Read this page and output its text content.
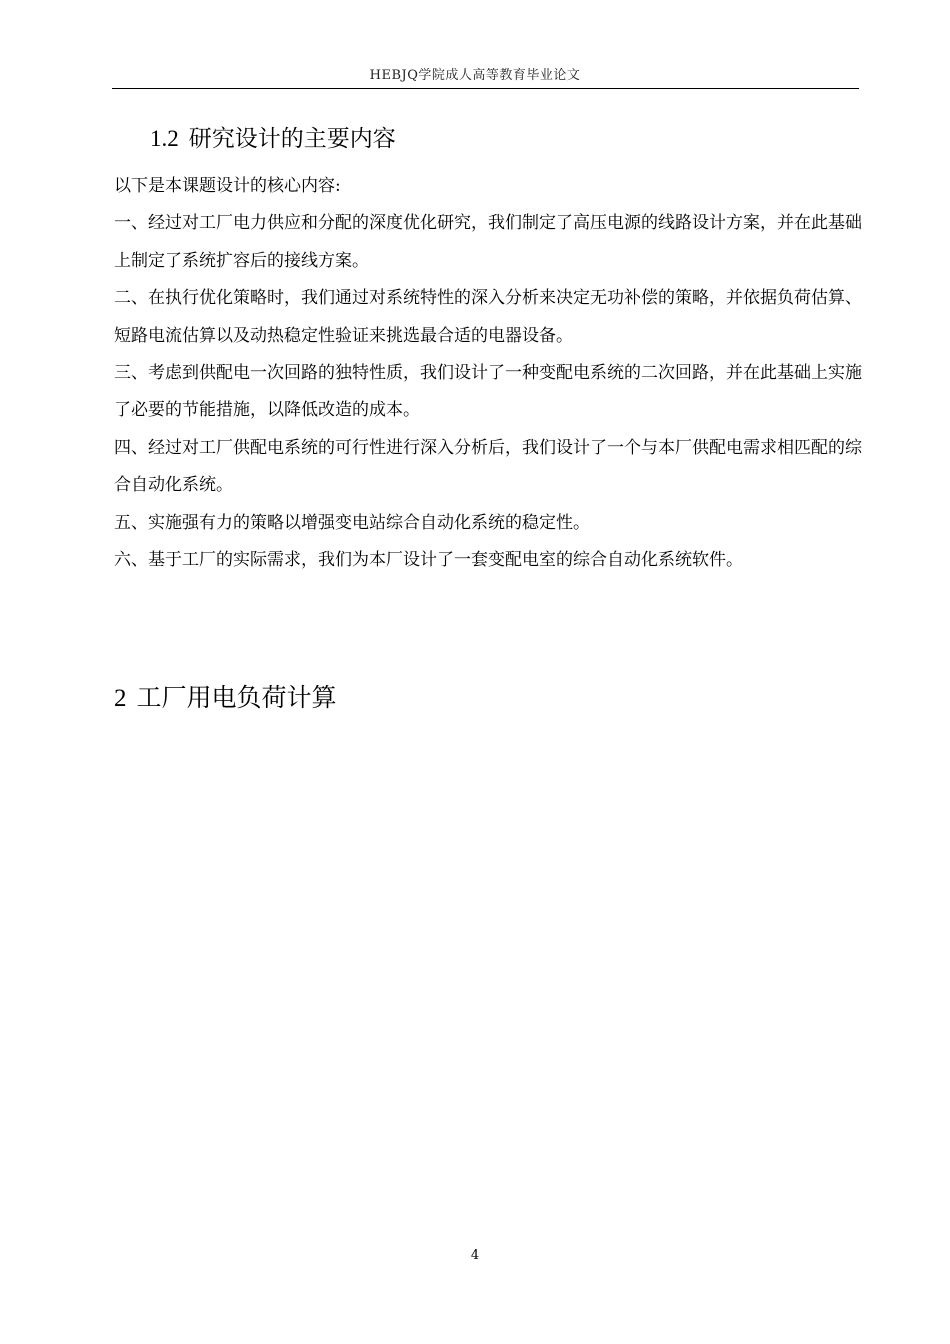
HEBJQ学院成人高等教育毕业论文
1.2 研究设计的主要内容

以下是本课题设计的核心内容:

一、经过对工厂电力供应和分配的深度优化研究，我们制定了高压电源的线路设计方案，并在此基础上制定了系统扩容后的接线方案。

二、在执行优化策略时，我们通过对系统特性的深入分析来决定无功补偿的策略，并依据负荷估算、短路电流估算以及动热稳定性验证来挑选最合适的电器设备。

三、考虑到供配电一次回路的独特性质，我们设计了一种变配电系统的二次回路，并在此基础上实施了必要的节能措施，以降低改造的成本。

四、经过对工厂供配电系统的可行性进行深入分析后，我们设计了一个与本厂供配电需求相匹配的综合自动化系统。

五、实施强有力的策略以增强变电站综合自动化系统的稳定性。

六、基于工厂的实际需求，我们为本厂设计了一套变配电室的综合自动化系统软件。

2 工厂用电负荷计算
4
